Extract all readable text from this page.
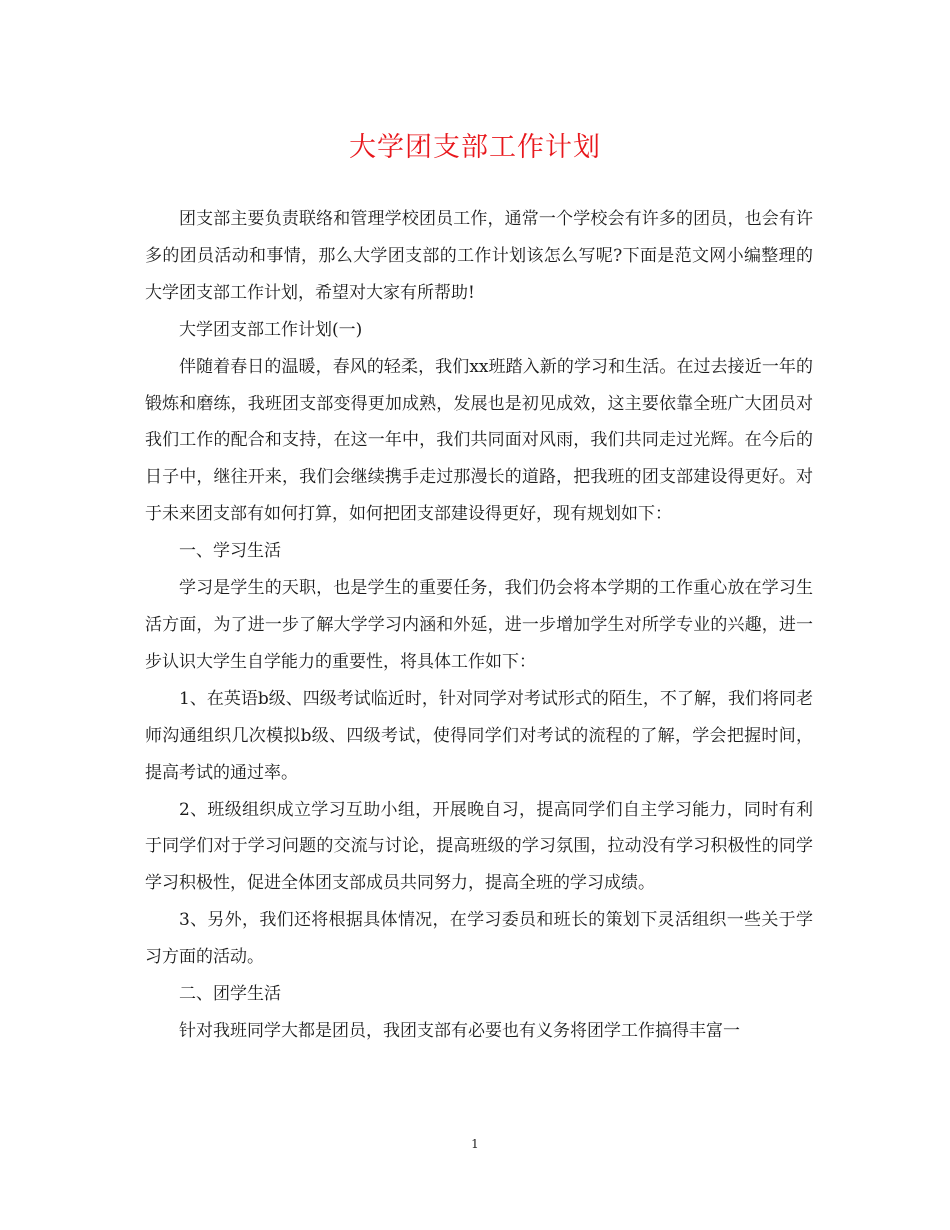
大学团支部工作计划

团支部主要负责联络和管理学校团员工作，通常一个学校会有许多的团员，也会有许多的团员活动和事情，那么大学团支部的工作计划该怎么写呢?下面是范文网小编整理的大学团支部工作计划，希望对大家有所帮助!

大学团支部工作计划(一)

伴随着春日的温暖，春风的轻柔，我们xx班踏入新的学习和生活。在过去接近一年的锻炼和磨练，我班团支部变得更加成熟，发展也是初见成效，这主要依靠全班广大团员对我们工作的配合和支持，在这一年中，我们共同面对风雨，我们共同走过光辉。在今后的日子中，继往开来，我们会继续携手走过那漫长的道路，把我班的团支部建设得更好。对于未来团支部有如何打算，如何把团支部建设得更好，现有规划如下：

一、学习生活

学习是学生的天职，也是学生的重要任务，我们仍会将本学期的工作重心放在学习生活方面，为了进一步了解大学学习内涵和外延，进一步增加学生对所学专业的兴趣，进一步认识大学生自学能力的重要性，将具体工作如下：

1、在英语b级、四级考试临近时，针对同学对考试形式的陌生，不了解，我们将同老师沟通组织几次模拟b级、四级考试，使得同学们对考试的流程的了解，学会把握时间，提高考试的通过率。

2、班级组织成立学习互助小组，开展晚自习，提高同学们自主学习能力，同时有利于同学们对于学习问题的交流与讨论，提高班级的学习氛围，拉动没有学习积极性的同学学习积极性，促进全体团支部成员共同努力，提高全班的学习成绩。

3、另外，我们还将根据具体情况，在学习委员和班长的策划下灵活组织一些关于学习方面的活动。

二、团学生活

针对我班同学大都是团员，我团支部有必要也有义务将团学工作搞得丰富一

1
